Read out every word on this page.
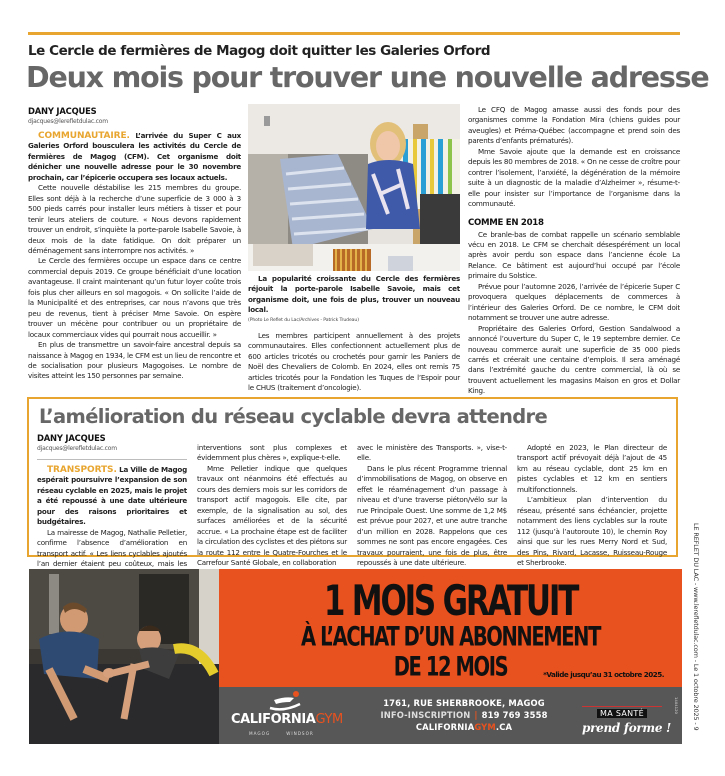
Le Cercle de fermières de Magog doit quitter les Galeries Orford
Deux mois pour trouver une nouvelle adresse
DANY JACQUES
djacques@lerefletdulac.com

COMMUNAUTAIRE. L’arrivée du Super C aux Galeries Orford bousculera les activités du Cercle de fermières de Magog (CFM). Cet organisme doit dénicher une nouvelle adresse pour le 30 novembre prochain, car l’épicerie occupera ses locaux actuels.

Cette nouvelle déstabilise les 215 membres du groupe. Elles sont déjà à la recherche d’une superficie de 3 000 à 3 500 pieds carrés pour installer leurs métiers à tisser et pour tenir leurs ateliers de couture. « Nous devons rapidement trouver un endroit, s’inquiète la porte-parole Isabelle Savoie, à deux mois de la date fatidique. On doit préparer un déménagement sans interrompre nos activités. »

Le Cercle des fermières occupe un espace dans ce centre commercial depuis 2019. Ce groupe bénéficiait d’une location avantageuse. Il craint maintenant qu’un futur loyer coûte trois fois plus cher ailleurs en sol magogois. « On sollicite l’aide de la Municipalité et des entreprises, car nous n’avons que très peu de revenus, tient à préciser Mme Savoie. On espère trouver un mécène pour contribuer ou un propriétaire de locaux commerciaux vides qui pourrait nous accueillir. »

En plus de transmettre un savoir-faire ancestral depuis sa naissance à Magog en 1934, le CFM est un lieu de rencontre et de socialisation pour plusieurs Magogoises. Le nombre de visites atteint les 150 personnes par semaine.

La popularité croissante du Cercle des fermières réjouit la porte-parole Isabelle Savoie, mais cet organisme doit, une fois de plus, trouver un nouveau local.

(Photo Le Reflet du Lac/Archives - Patrick Trudeau)

Les membres participent annuellement à des projets communautaires. Elles confectionnent actuellement plus de 600 articles tricotés ou crochetés pour garnir les Paniers de Noël des Chevaliers de Colomb. En 2024, elles ont remis 75 articles tricotés pour la Fondation les Tuques de l’Espoir pour le CHUS (traitement d’oncologie).

Le CFQ de Magog amasse aussi des fonds pour des organismes comme la Fondation Mira (chiens guides pour aveugles) et Préma-Québec (accompagne et prend soin des parents d’enfants prématurés).

Mme Savoie ajoute que la demande est en croissance depuis les 80 membres de 2018. « On ne cesse de croître pour contrer l’isolement, l’anxiété, la dégénération de la mémoire suite à un diagnostic de la maladie d’Alzheimer », résume-t-elle pour insister sur l’importance de l’organisme dans la communauté.

COMME EN 2018

Ce branle-bas de combat rappelle un scénario semblable vécu en 2018. Le CFM se cherchait désespérément un local après avoir perdu son espace dans l’ancienne école La Relance. Ce bâtiment est aujourd’hui occupé par l’école primaire du Solstice.

Prévue pour l’automne 2026, l’arrivée de l’épicerie Super C provoquera quelques déplacements de commerces à l’intérieur des Galeries Orford. De ce nombre, le CFM doit notamment se trouver une autre adresse.

Propriétaire des Galeries Orford, Gestion Sandalwood a annoncé l’ouverture du Super C, le 19 septembre dernier. Ce nouveau commerce aurait une superficie de 35 000 pieds carrés et créerait une centaine d’emplois. Il sera aménagé dans l’extrémité gauche du centre commercial, là où se trouvent actuellement les magasins Maison en gros et Dollar King.

L’amélioration du réseau cyclable devra attendre
DANY JACQUES
djacques@lerefletdulac.com

TRANSPORTS. La Ville de Magog espérait poursuivre l’expansion de son réseau cyclable en 2025, mais le projet a été repoussé à une date ultérieure pour des raisons prioritaires et budgétaires.

La mairesse de Magog, Nathalie Pelletier, confirme l’absence d’amélioration en transport actif. « Les liens cyclables ajoutés l’an dernier étaient peu coûteux, mais les

interventions sont plus complexes et évidemment plus chères », explique-t-elle.

Mme Pelletier indique que quelques travaux ont néanmoins été effectués au cours des derniers mois sur les corridors de transport actif magogois. Elle cite, par exemple, de la signalisation au sol, des surfaces améliorées et de la sécurité accrue. « La prochaine étape est de faciliter la circulation des cyclistes et des piétons sur la route 112 entre le Quatre-Fourches et le Carrefour Santé Globale, en collaboration

avec le ministère des Transports. », vise-t-elle.

Dans le plus récent Programme triennal d’immobilisations de Magog, on observe en effet le réaménagement d’un passage à niveau et d’une traverse piéton/vélo sur la rue Principale Ouest. Une somme de 1,2 M$ est prévue pour 2027, et une autre tranche d’un million en 2028. Rappelons que ces sommes ne sont pas encore engagées. Ces travaux pourraient, une fois de plus, être repoussés à une date ultérieure.

Adopté en 2023, le Plan directeur de transport actif prévoyait déjà l’ajout de 45 km au réseau cyclable, dont 25 km en pistes cyclables et 12 km en sentiers multifonctionnels.

L’ambitieux plan d’intervention du réseau, présenté sans échéancier, projette notamment des liens cyclables sur la route 112 (jusqu’à l’autoroute 10), le chemin Roy ainsi que sur les rues Merry Nord et Sud, des Pins, Rivard, Lacasse, Ruisseau-Rouge et Sherbrooke.	LE REFLET DU LAC - www.lerefletdulac.com - Le 1 octobre 2025 - 9
1 MOIS GRATUIT
À L’ACHAT D’UN ABONNEMENT
DE 12 MOIS	*Valide jusqu’au 31 octobre 2025.
CALIFORNIAGYM
MAGOG	WINDSOR
1761, RUE SHERBROOKE, MAGOG
INFO-INSCRIPTION | 819 769 3558
CALIFORNIAGYM.CA
MA SANTÉ
prend forme !
1404120
